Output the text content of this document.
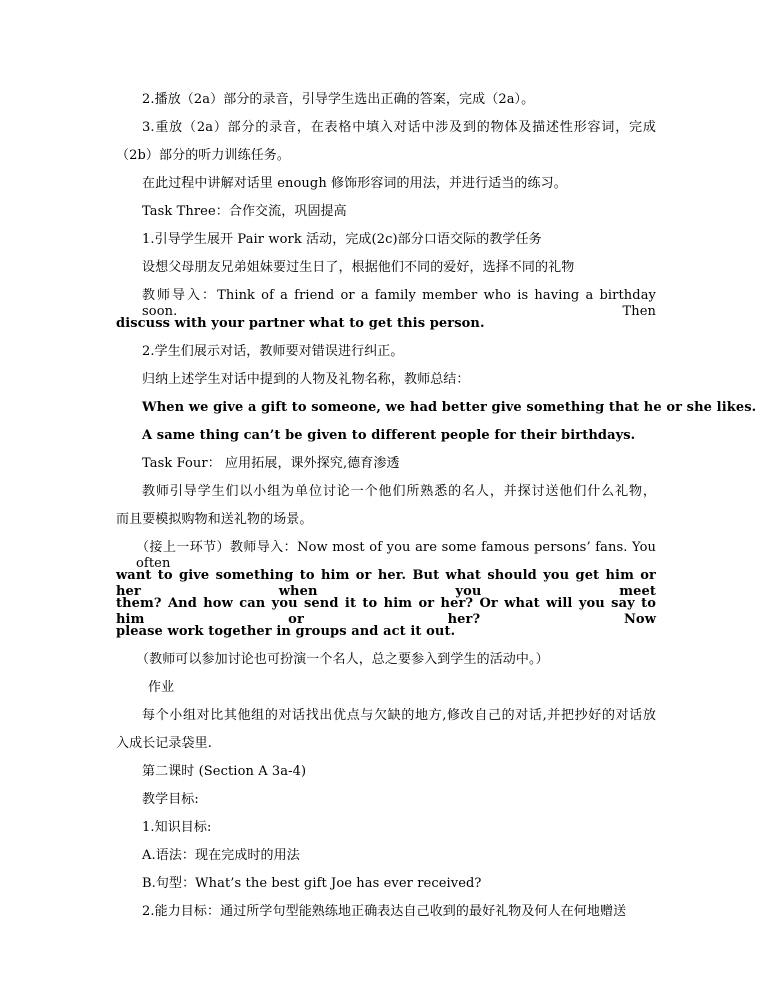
2.播放（2a）部分的录音，引导学生选出正确的答案，完成（2a）。
3.重放（2a）部分的录音，在表格中填入对话中涉及到的物体及描述性形容词，完成
（2b）部分的听力训练任务。
在此过程中讲解对话里 enough 修饰形容词的用法，并进行适当的练习。
Task Three：合作交流，巩固提高
1.引导学生展开 Pair work 活动，完成(2c)部分口语交际的教学任务
设想父母朋友兄弟姐妹要过生日了，根据他们不同的爱好，选择不同的礼物
教师导入：Think of a friend or a family member who is having a birthday soon. Then
discuss with your partner what to get this person.
2.学生们展示对话，教师要对错误进行纠正。
归纳上述学生对话中提到的人物及礼物名称，教师总结：
When we give a gift to someone, we had better give something that he or she likes.
A same thing can’t be given to different people for their birthdays.
Task Four： 应用拓展，课外探究,德育渗透
教师引导学生们以小组为单位讨论一个他们所熟悉的名人，并探讨送他们什么礼物，
而且要模拟购物和送礼物的场景。
（接上一环节）教师导入：Now most of you are some famous persons’ fans. You often
want to give something to him or her. But what should you get him or her when you meet
them? And how can you send it to him or her? Or what will you say to him or her? Now
please work together in groups and act it out.
（教师可以参加讨论也可扮演一个名人，总之要参入到学生的活动中。）
作业
每个小组对比其他组的对话找出优点与欠缺的地方,修改自己的对话,并把抄好的对话放
入成长记录袋里.
第二课时 (Section A 3a-4)
教学目标:
1.知识目标:
A.语法：现在完成时的用法
B.句型：What’s the best gift Joe has ever received?
2.能力目标：通过所学句型能熟练地正确表达自己收到的最好礼物及何人在何地赠送
